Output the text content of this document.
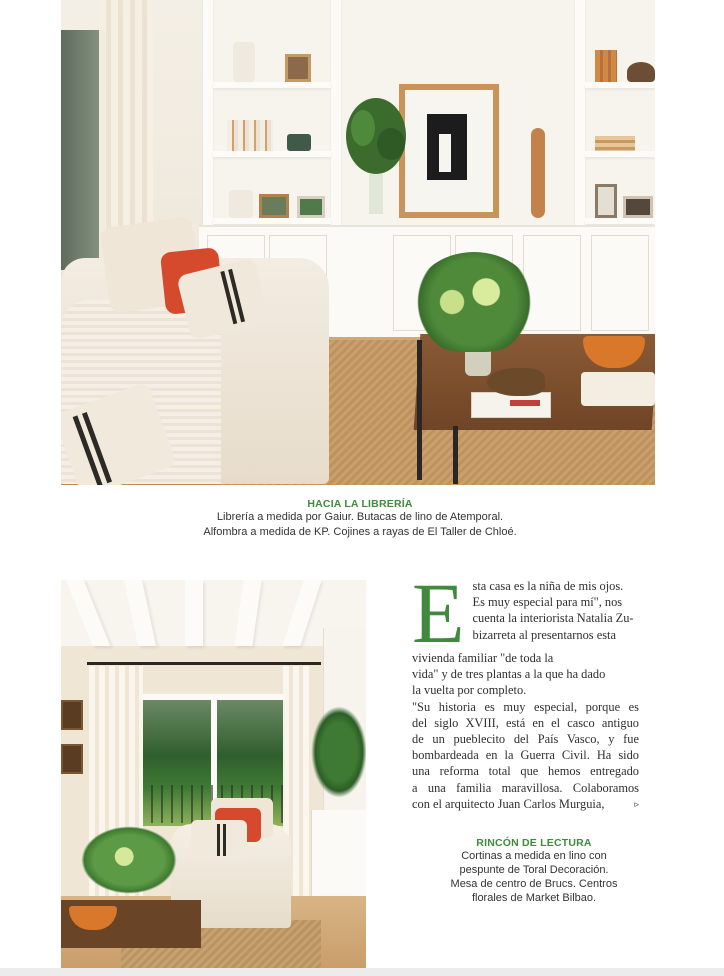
HACIA LA LIBRERÍA
Librería a medida por Gaiur. Butacas de lino de Atemporal.
Alfombra a medida de KP. Cojines a rayas de El Taller de Chloé.
E sta casa es la niña de mis ojos.
Es muy especial para mí", nos
cuenta la interiorista Natalia Zu-
bizarreta al presentarnos esta
vivienda familiar "de toda la
vida" y de tres plantas a la que ha dado
la vuelta por completo.
"Su historia es muy especial, porque es
del siglo XVIII, está en el casco antiguo
de un pueblecito del País Vasco, y fue
bombardeada en la Guerra Civil. Ha sido
una reforma total que hemos entregado
a una familia maravillosa. Colaboramos
con el arquitecto Juan Carlos Murguia,	▹
RINCÓN DE LECTURA
Cortinas a medida en lino con
pespunte de Toral Decoración.
Mesa de centro de Brucs. Centros
florales de Market Bilbao.
